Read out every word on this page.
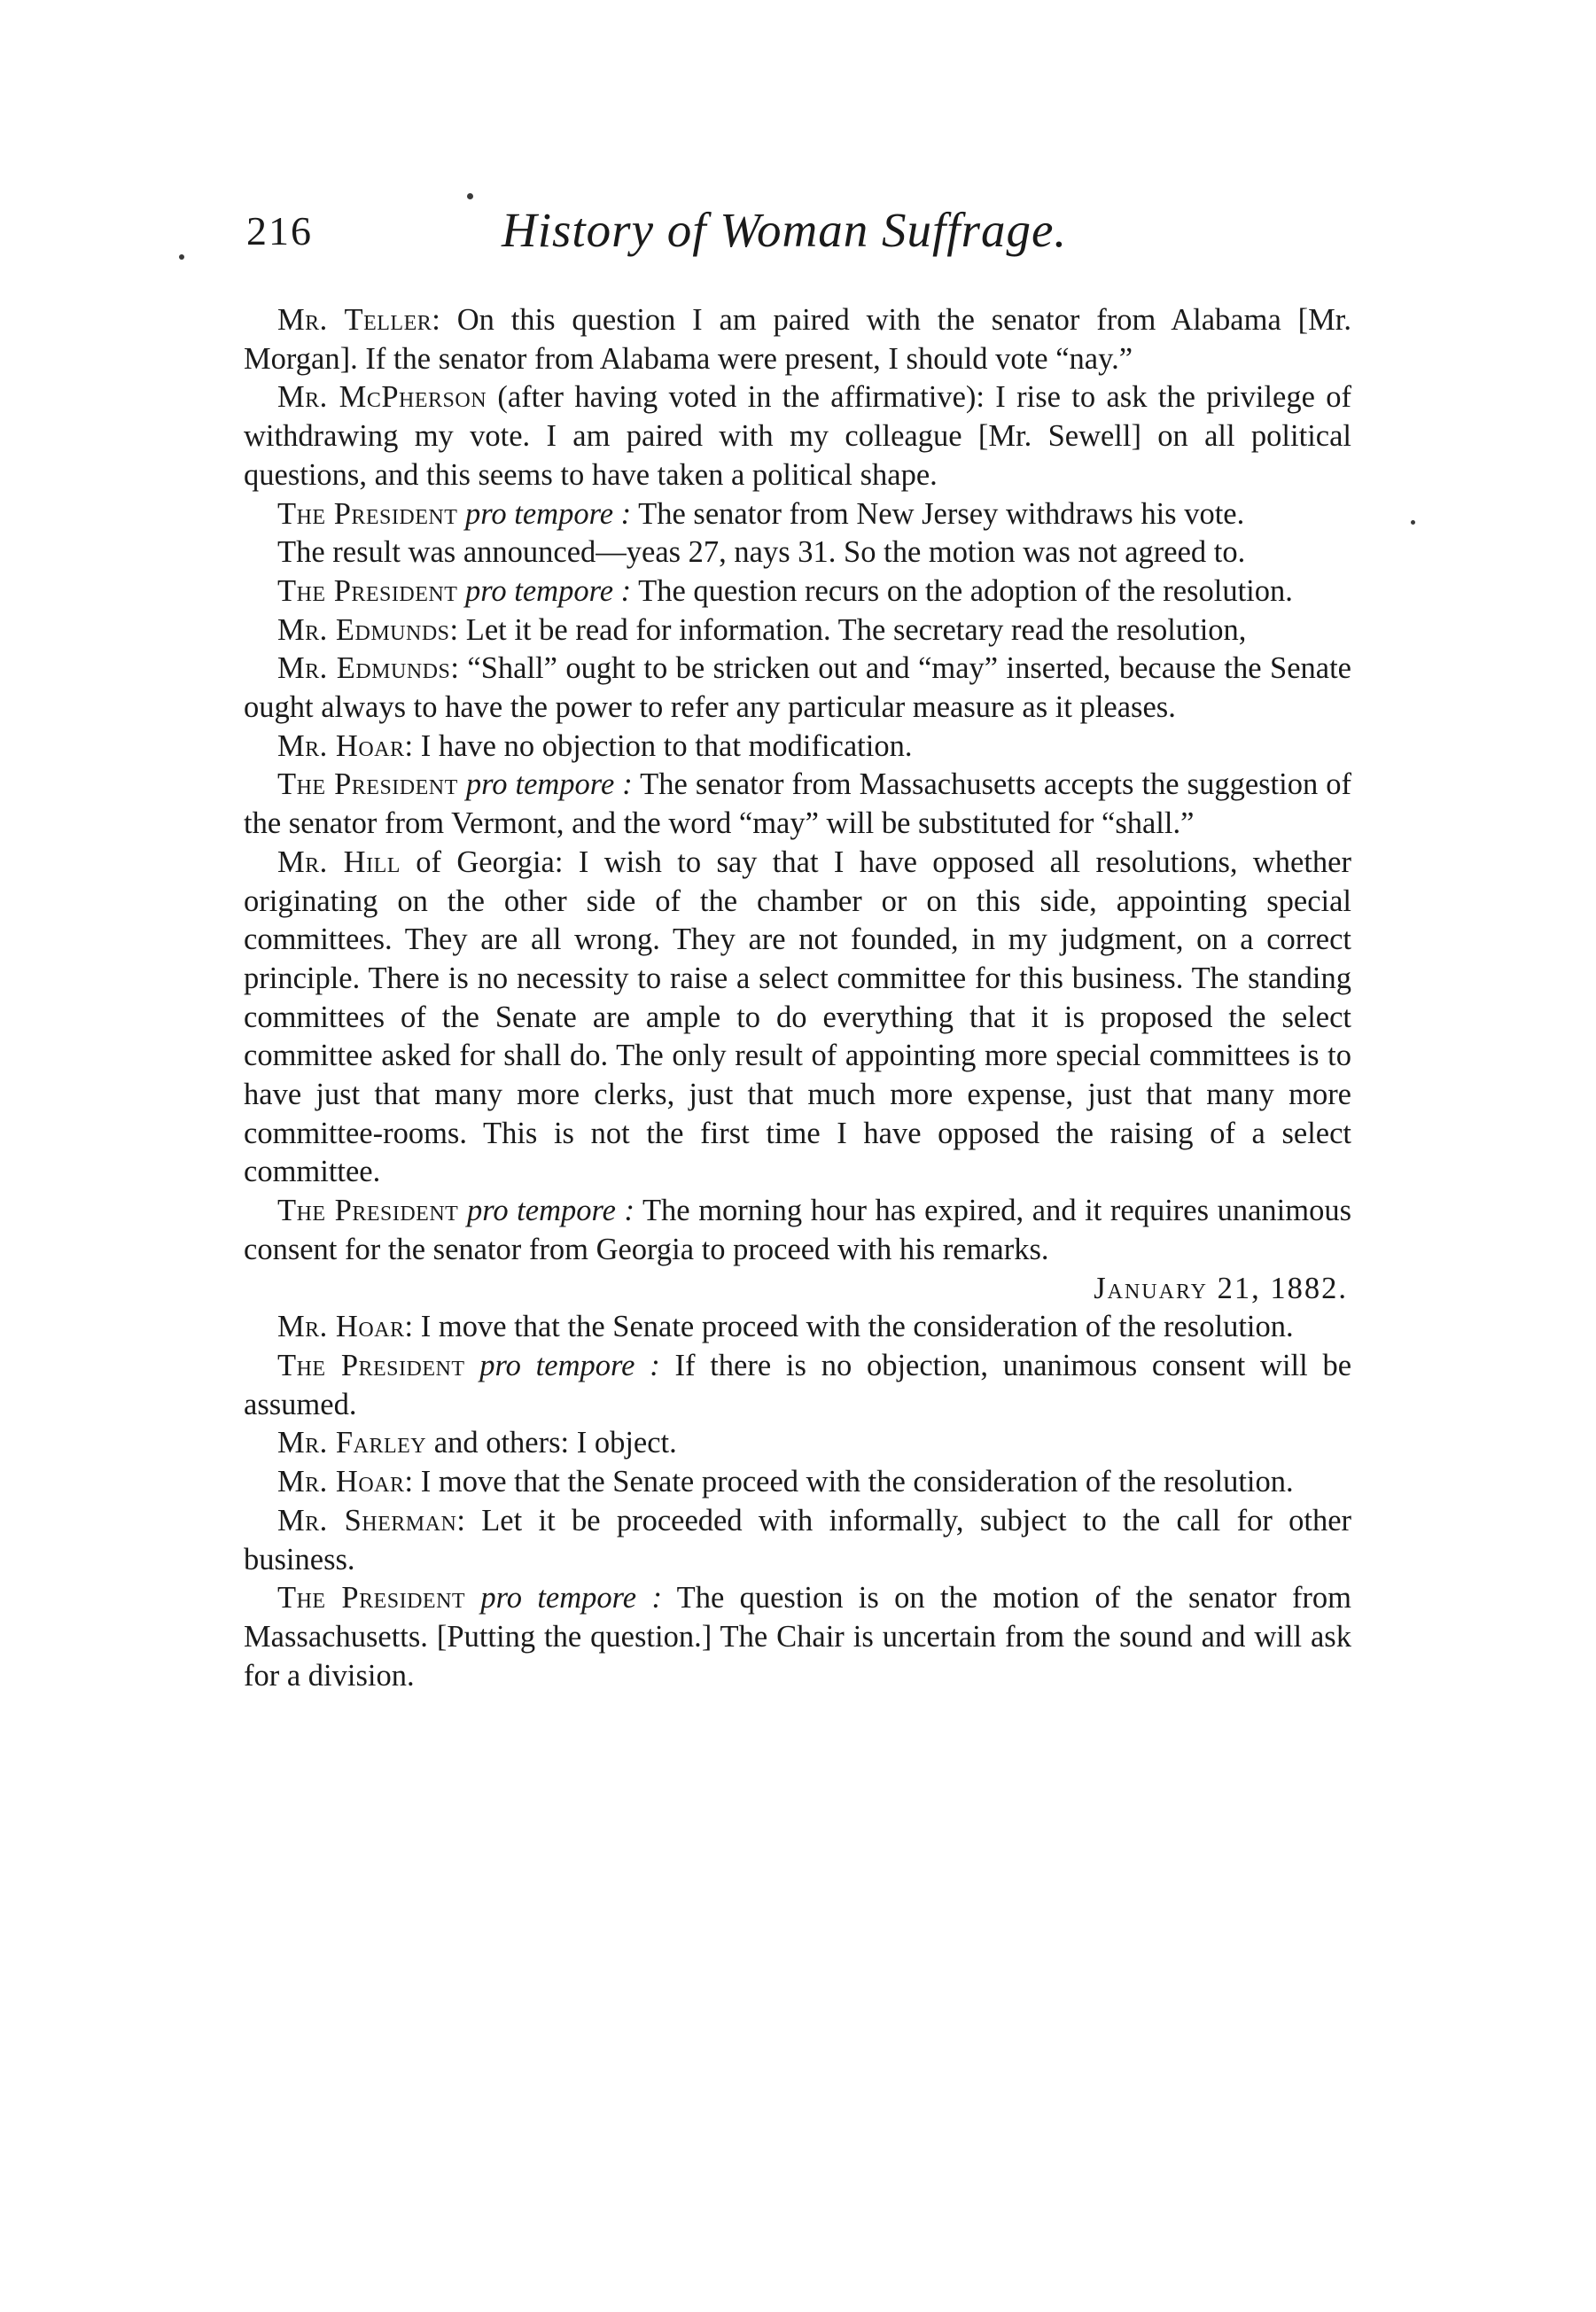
216	History of Woman Suffrage.

Mr. Teller: On this question I am paired with the senator from Alabama [Mr. Morgan]. If the senator from Alabama were present, I should vote “nay.”

Mr. McPherson (after having voted in the affirmative): I rise to ask the privilege of withdrawing my vote. I am paired with my colleague [Mr. Sewell] on all political questions, and this seems to have taken a political shape.

The President pro tempore : The senator from New Jersey withdraws his vote.

The result was announced—yeas 27, nays 31. So the motion was not agreed to.

The President pro tempore : The question recurs on the adoption of the resolution.

Mr. Edmunds: Let it be read for information. The secretary read the resolution,

Mr. Edmunds: “Shall” ought to be stricken out and “may” inserted, because the Senate ought always to have the power to refer any particular measure as it pleases.

Mr. Hoar: I have no objection to that modification.

The President pro tempore : The senator from Massachusetts accepts the suggestion of the senator from Vermont, and the word “may” will be substituted for “shall.”

Mr. Hill of Georgia: I wish to say that I have opposed all resolutions, whether originating on the other side of the chamber or on this side, appointing special committees. They are all wrong. They are not founded, in my judgment, on a correct principle. There is no necessity to raise a select committee for this business. The standing committees of the Senate are ample to do everything that it is proposed the select committee asked for shall do. The only result of appointing more special committees is to have just that many more clerks, just that much more expense, just that many more committee-rooms. This is not the first time I have opposed the raising of a select committee.

The President pro tempore : The morning hour has expired, and it requires unanimous consent for the senator from Georgia to proceed with his remarks.

January 21, 1882.

Mr. Hoar: I move that the Senate proceed with the consideration of the resolution.

The President pro tempore : If there is no objection, unanimous consent will be assumed.

Mr. Farley and others: I object.

Mr. Hoar: I move that the Senate proceed with the consideration of the resolution.

Mr. Sherman: Let it be proceeded with informally, subject to the call for other business.

The President pro tempore : The question is on the motion of the senator from Massachusetts. [Putting the question.] The Chair is uncertain from the sound and will ask for a division.
